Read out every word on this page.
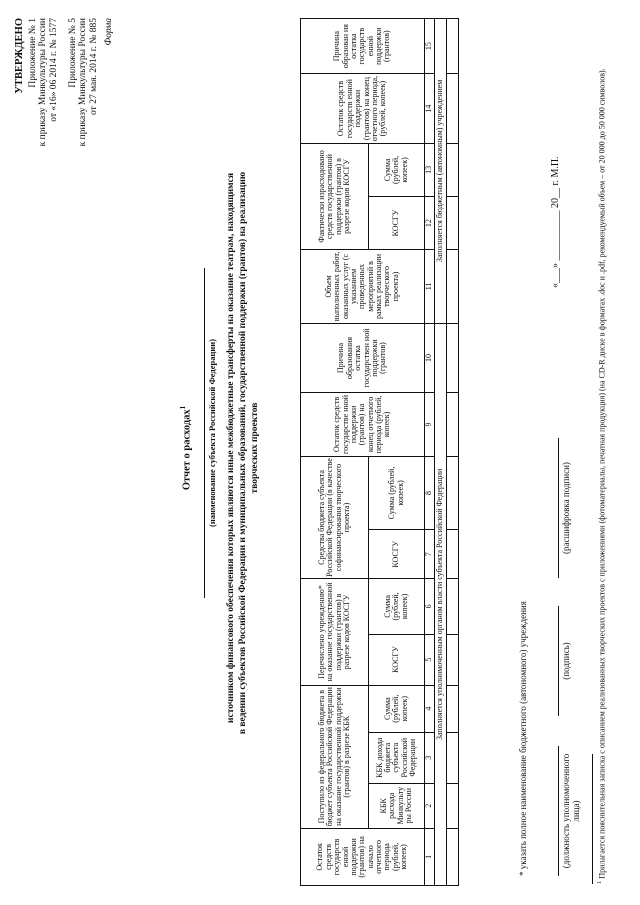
УТВЕРЖДЕНО Приложение № 1 к приказу Минкультуры России от «16» 06 2014 г. № 1577 Приложение № 5 к приказу Минкультуры России от 27 мая. 2014 г. № 885 Форма
Отчет о расходах$^1$	(наименование субъекта Российской Федерации) источником финансового обеспечения которых являются иные межбюджетные трансферты на оказание театрам, находящимся в ведении субъектов Российской Федерации и муниципальных образований, государственной поддержки (грантов) на реализацию творческих проектов
Остаток средств государств енной поддержки (грантов) на начало отчетного периода (рублей, копеек)	Поступило из федерального бюджета в бюджет субъекта Российской Федерации на оказание государственной поддержки (грантов) в разрезе КБК			Перечислено учреждению* на оказание государственной поддержки (грантов) в разрезе кодов КОСГУ		Средства бюджета субъекта Российской Федерации (в качестве софинансирования творческого проекта)		Остаток средств государстве нной поддержки (грантов) на конец отчетного периода (рублей, копеек)	Причина образования остатка государствен ной поддержки (грантов)	Объем выполненных работ, оказанных услуг (с указанием проведенных мероприятий в рамках реализации творческого проекта)	Фактически израсходовано средств государственной поддержки (грантов) в разрезе кодов КОСГУ		Остаток средств государств енной поддержки (грантов) на конец отчетного периода, (рублей, копеек)	Причина образован ия остатка государств енной поддержки (грантов)
	КБК расхода Минкульту ры России	КБК дохода бюджета субъекта Российской Федерации	Сумма (рублей, копеек)	КОСГУ	Сумма (рублей, копеек)	КОСГУ	Сумма (рублей, копеек)				КОСГУ	Сумма (рублей, копеек)		
1	2	3	4	5	6	7	8	9	10	11	12	13	14	15
Заполняется уполномоченным органом власти субъекта Российской Федерации										Заполняется бюджетным (автономным) учреждением				

* указать полное наименование бюджетного (автономного) учреждения	(должность уполномоченного лица)
(подпись)
(расшифровка подписи)
«___» __________ 20__ г. М.П.
$^1$ Прилагается пояснительная записка с описанием реализованных творческих проектов с приложениями (фотоматериалы, печатная продукция) (на CD-R диске в форматах .doc и .pdf, рекомендуемый объем – от 20 000 до 50 000 символов).
